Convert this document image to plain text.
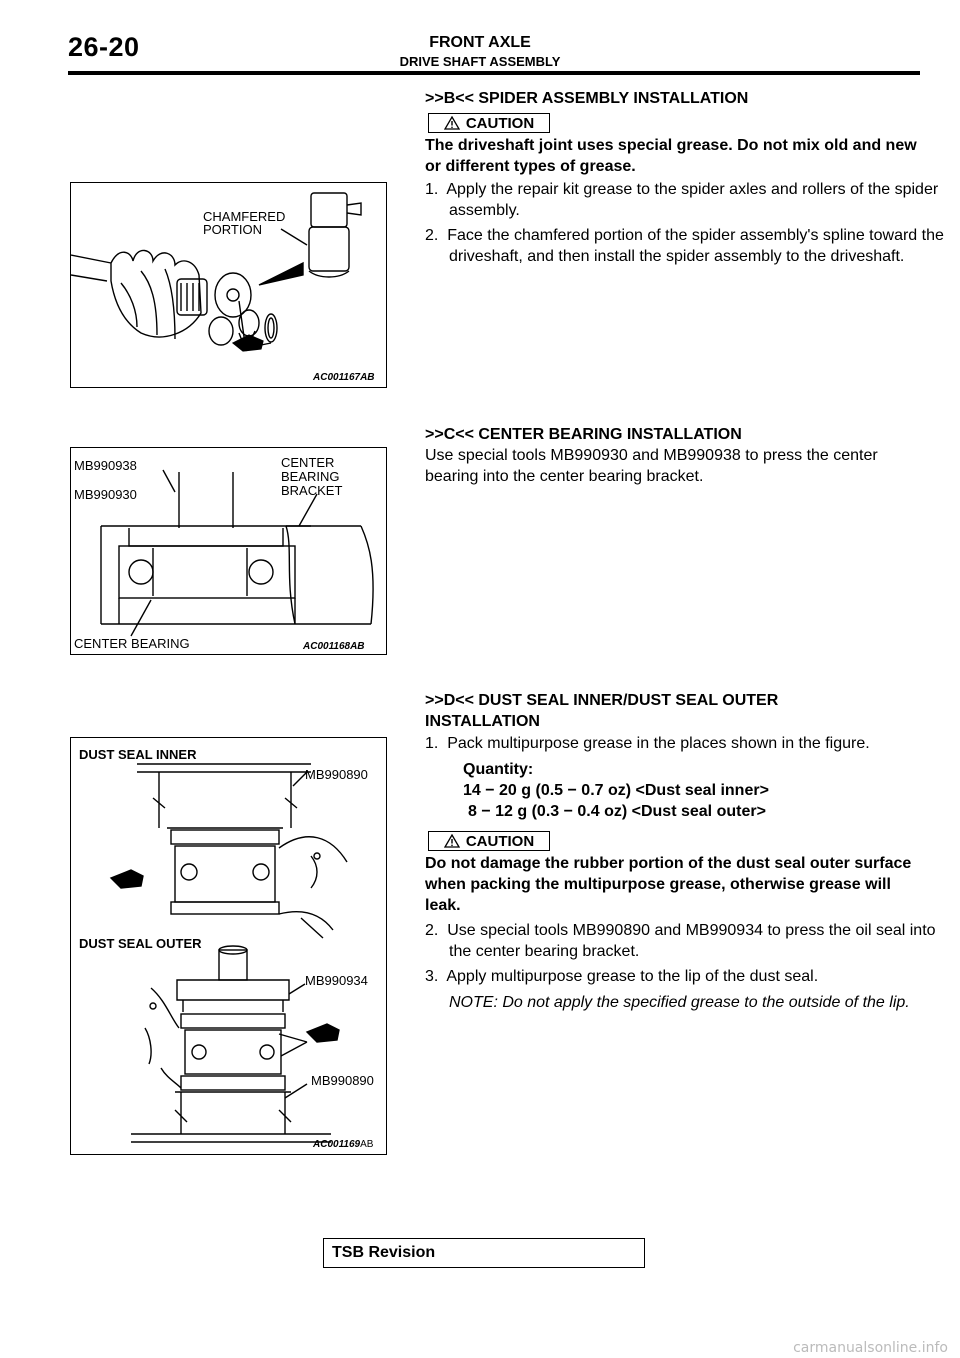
26-20	FRONT AXLE
DRIVE SHAFT ASSEMBLY
>>B<< SPIDER ASSEMBLY INSTALLATION
CAUTION
The driveshaft joint uses special grease. Do not mix old and new or different types of grease.
1. Apply the repair kit grease to the spider axles and rollers of the spider assembly.
2. Face the chamfered portion of the spider assembly's spline toward the driveshaft, and then install the spider assembly to the driveshaft.
CHAMFERED
PORTION
AC001167AB
>>C<< CENTER BEARING INSTALLATION
Use special tools MB990930 and MB990938 to press the center bearing into the center bearing bracket.
MB990938
MB990930
CENTER
BEARING
BRACKET
CENTER BEARING	AC001168AB
>>D<< DUST SEAL INNER/DUST SEAL OUTER INSTALLATION
1. Pack multipurpose grease in the places shown in the figure.
Quantity:
14 − 20 g (0.5 − 0.7 oz) <Dust seal inner>
8 − 12 g (0.3 − 0.4 oz) <Dust seal outer>
CAUTION
Do not damage the rubber portion of the dust seal outer surface when packing the multipurpose grease, otherwise grease will leak.
2. Use special tools MB990890 and MB990934 to press the oil seal into the center bearing bracket.
3. Apply multipurpose grease to the lip of the dust seal.
NOTE: Do not apply the specified grease to the outside of the lip.
DUST SEAL INNER
MB990890
DUST SEAL OUTER
MB990934
MB990890
AC001169AB
TSB Revision
carmanualsonline.info
